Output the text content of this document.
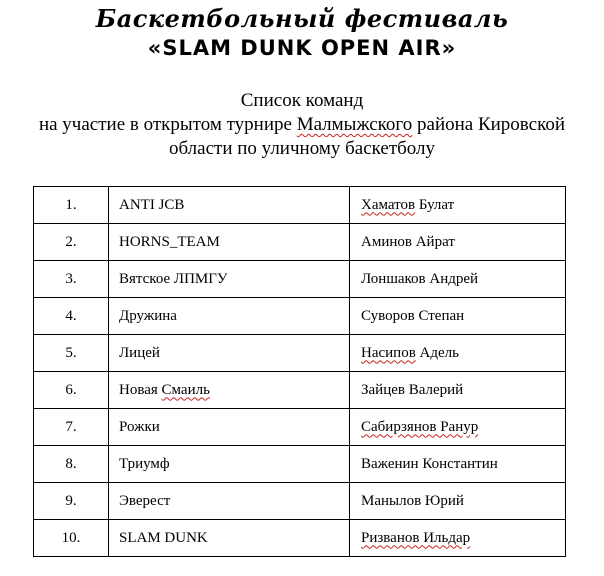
Баскетбольный фестиваль
«SLAM DUNK OPEN AIR»
Список команд
на участие в открытом турнире Малмыжского района Кировской
области по уличному баскетболу
1.	ANTI JCB	Хаматов Булат
2.	HORNS_TEAM	Аминов Айрат
3.	Вятское ЛПМГУ	Лоншаков Андрей
4.	Дружина	Суворов Степан
5.	Лицей	Насипов Адель
6.	Новая Смаиль	Зайцев Валерий
7.	Рожки	Сабирзянов Ранур
8.	Триумф	Важенин Константин
9.	Эверест	Манылов Юрий
10.	SLAM DUNK	Ризванов Ильдар
